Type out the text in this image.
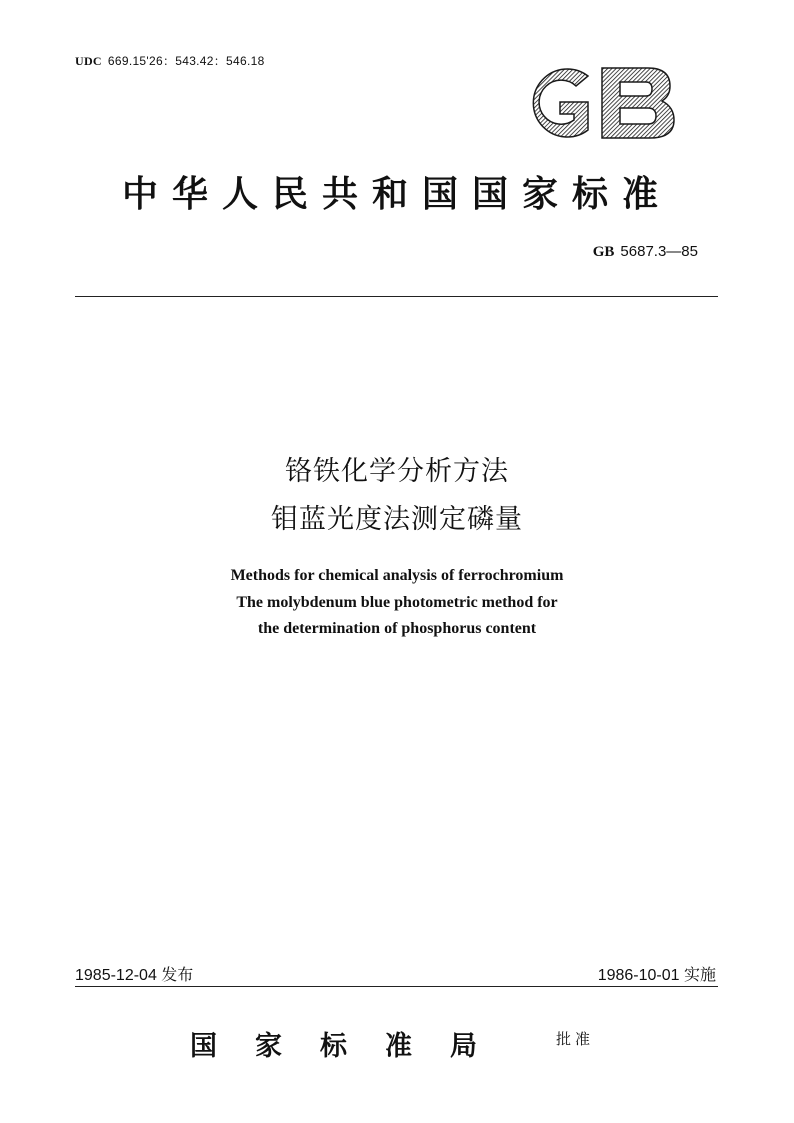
UDC 669.15'26：543.42：546.18
中华人民共和国国家标准
GB 5687.3—85
铬铁化学分析方法
钼蓝光度法测定磷量
Methods for chemical analysis of ferrochromium
The molybdenum blue photometric method for
the determination of phosphorus content
1985-12-04 发布	1986-10-01 实施
国家标准局	批准
